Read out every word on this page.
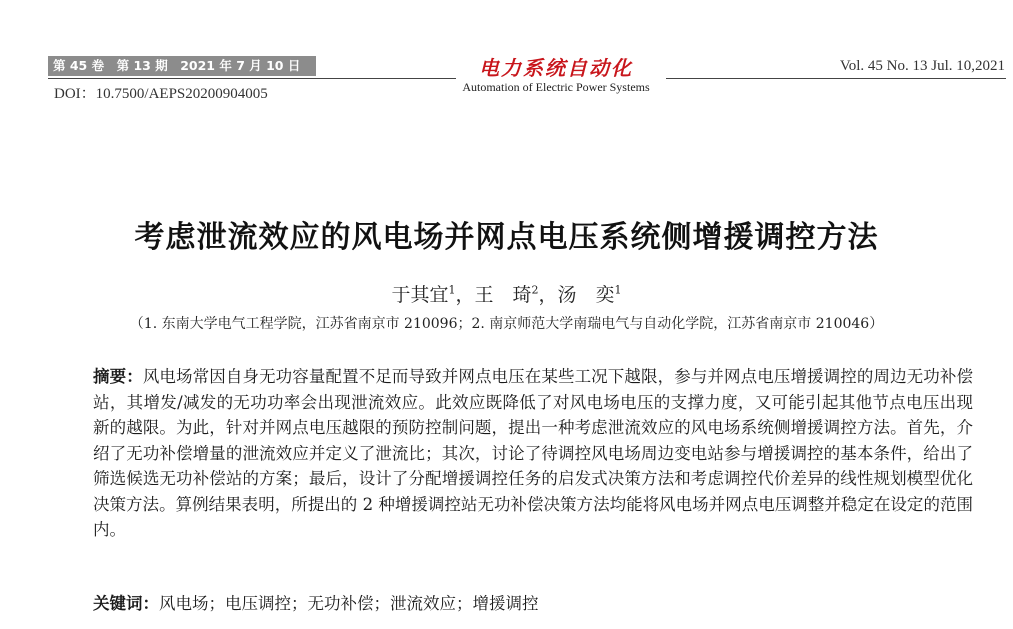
第 45 卷　第 13 期　2021 年 7 月 10 日
DOI：10.7500/AEPS20200904005
电力系统自动化
Automation of Electric Power Systems
Vol. 45 No. 13 Jul. 10,2021
考虑泄流效应的风电场并网点电压系统侧增援调控方法
于其宜$^1$，王　琦$^2$，汤　奕$^1$
（1. 东南大学电气工程学院，江苏省南京市 210096；2. 南京师范大学南瑞电气与自动化学院，江苏省南京市 210046）
摘要：风电场常因自身无功容量配置不足而导致并网点电压在某些工况下越限，参与并网点电压增援调控的周边无功补偿站，其增发/减发的无功功率会出现泄流效应。此效应既降低了对风电场电压的支撑力度，又可能引起其他节点电压出现新的越限。为此，针对并网点电压越限的预防控制问题，提出一种考虑泄流效应的风电场系统侧增援调控方法。首先，介绍了无功补偿增量的泄流效应并定义了泄流比；其次，讨论了待调控风电场周边变电站参与增援调控的基本条件，给出了筛选候选无功补偿站的方案；最后，设计了分配增援调控任务的启发式决策方法和考虑调控代价差异的线性规划模型优化决策方法。算例结果表明，所提出的 2 种增援调控站无功补偿决策方法均能将风电场并网点电压调整并稳定在设定的范围内。
关键词：风电场；电压调控；无功补偿；泄流效应；增援调控
